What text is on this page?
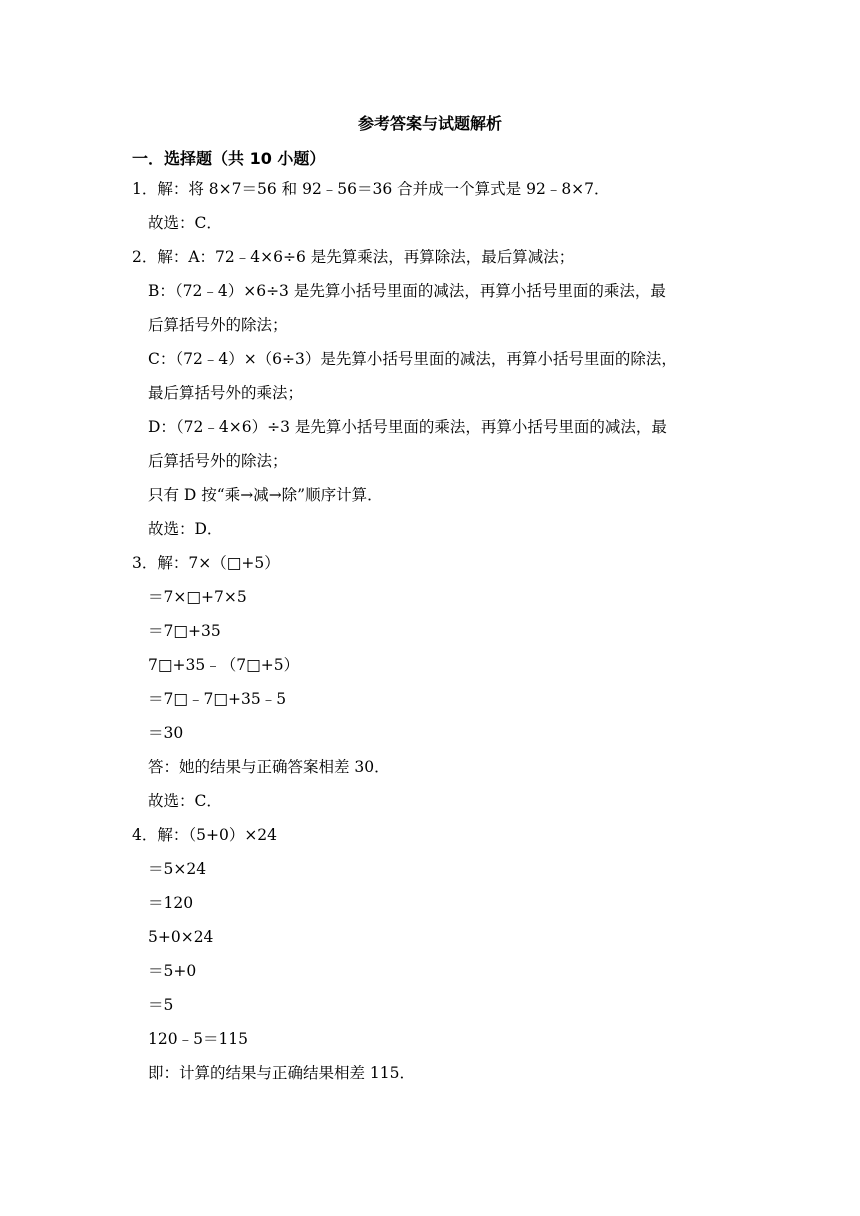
参考答案与试题解析
一．选择题（共 10 小题）
1．解：将 8×7＝56 和 92﹣56＝36 合并成一个算式是 92﹣8×7．
故选：C．
2．解：A：72﹣4×6÷6 是先算乘法，再算除法，最后算减法；
B：（72﹣4）×6÷3 是先算小括号里面的减法，再算小括号里面的乘法，最
后算括号外的除法；
C：（72﹣4）×（6÷3）是先算小括号里面的减法，再算小括号里面的除法，
最后算括号外的乘法；
D：（72﹣4×6）÷3 是先算小括号里面的乘法，再算小括号里面的减法，最
后算括号外的除法；
只有 D 按“乘→减→除”顺序计算．
故选：D．
3．解：7×（□+5）
＝7×□+7×5
＝7□+35
7□+35﹣（7□+5）
＝7□﹣7□+35﹣5
＝30
答：她的结果与正确答案相差 30．
故选：C．
4．解：（5+0）×24
＝5×24
＝120
5+0×24
＝5+0
＝5
120﹣5＝115
即：计算的结果与正确结果相差 115．
